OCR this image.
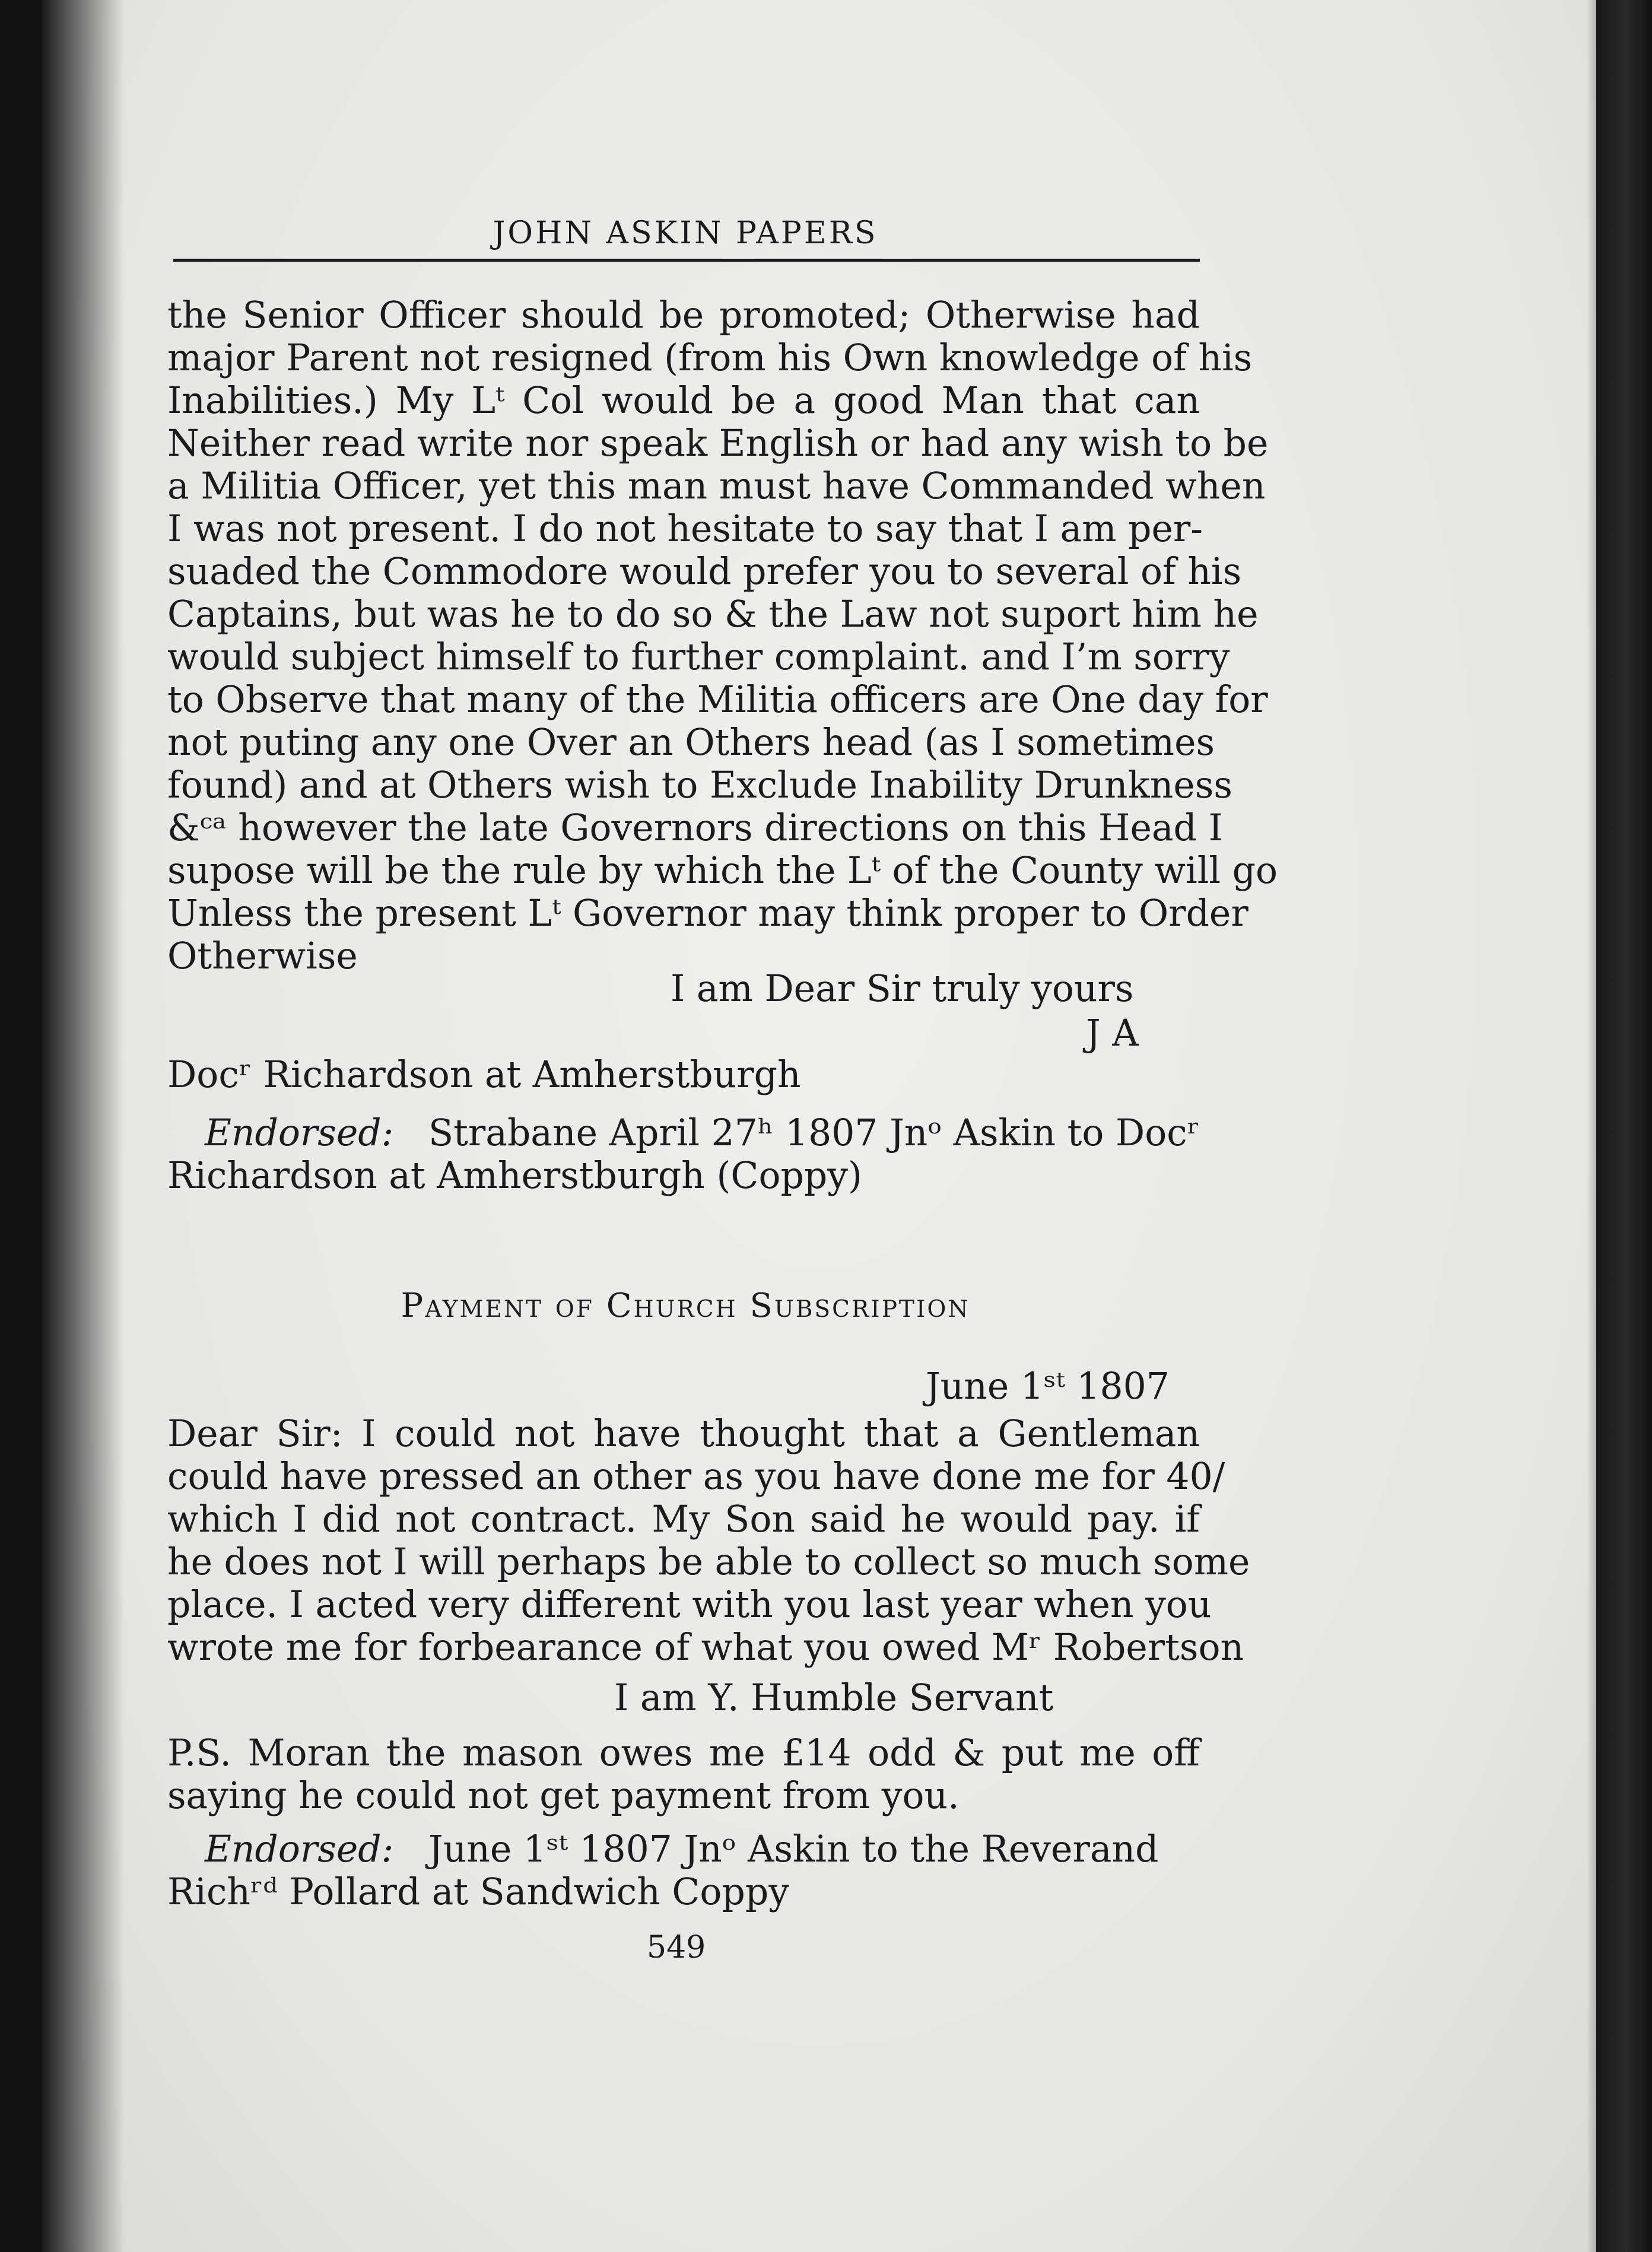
JOHN ASKIN PAPERS
the Senior Officer should be promoted; Otherwise had
major Parent not resigned (from his Own knowledge of his
Inabilities.) My Lᵗ Col would be a good Man that can
Neither read write nor speak English or had any wish to be
a Militia Officer, yet this man must have Commanded when
I was not present. I do not hesitate to say that I am per-
suaded the Commodore would prefer you to several of his
Captains, but was he to do so & the Law not suport him he
would subject himself to further complaint. and I’m sorry
to Observe that many of the Militia officers are One day for
not puting any one Over an Others head (as I sometimes
found) and at Others wish to Exclude Inability Drunkness
&ᶜᵃ however the late Governors directions on this Head I
supose will be the rule by which the Lᵗ of the County will go
Unless the present Lᵗ Governor may think proper to Order
Otherwise
I am Dear Sir truly yours
J A
Docʳ Richardson at Amherstburgh
Endorsed: Strabane April 27ʰ 1807 Jnᵒ Askin to Docʳ
Richardson at Amherstburgh (Coppy)
Payment of Church Subscription
June 1ˢᵗ 1807
Dear Sir: I could not have thought that a Gentleman
could have pressed an other as you have done me for 40/
which I did not contract. My Son said he would pay. if
he does not I will perhaps be able to collect so much some
place. I acted very different with you last year when you
wrote me for forbearance of what you owed Mʳ Robertson
I am Y. Humble Servant
P.S. Moran the mason owes me £14 odd & put me off
saying he could not get payment from you.
Endorsed: June 1ˢᵗ 1807 Jnᵒ Askin to the Reverand
Richʳᵈ Pollard at Sandwich Coppy
549
